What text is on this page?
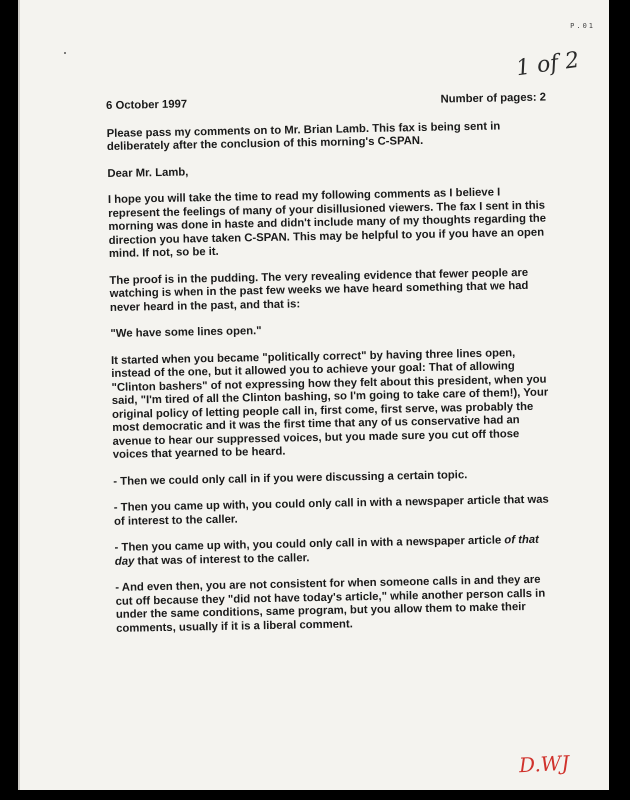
P.01
1 of 2
6 October 1997	Number of pages: 2

Please pass my comments on to Mr. Brian Lamb. This fax is being sent in deliberately after the conclusion of this morning's C-SPAN.

Dear Mr. Lamb,

I hope you will take the time to read my following comments as I believe I represent the feelings of many of your disillusioned viewers. The fax I sent in this morning was done in haste and didn't include many of my thoughts regarding the direction you have taken C-SPAN. This may be helpful to you if you have an open mind. If not, so be it.

The proof is in the pudding. The very revealing evidence that fewer people are watching is when in the past few weeks we have heard something that we had never heard in the past, and that is:

"We have some lines open."

It started when you became "politically correct" by having three lines open, instead of the one, but it allowed you to achieve your goal: That of allowing "Clinton bashers" of not expressing how they felt about this president, when you said, "I'm tired of all the Clinton bashing, so I'm going to take care of them!), Your original policy of letting people call in, first come, first serve, was probably the most democratic and it was the first time that any of us conservative had an avenue to hear our suppressed voices, but you made sure you cut off those voices that yearned to be heard.

- Then we could only call in if you were discussing a certain topic.

- Then you came up with, you could only call in with a newspaper article that was of interest to the caller.

- Then you came up with, you could only call in with a newspaper article of that day that was of interest to the caller.

- And even then, you are not consistent for when someone calls in and they are cut off because they "did not have today's article," while another person calls in under the same conditions, same program, but you allow them to make their comments, usually if it is a liberal comment.

D.WJ
